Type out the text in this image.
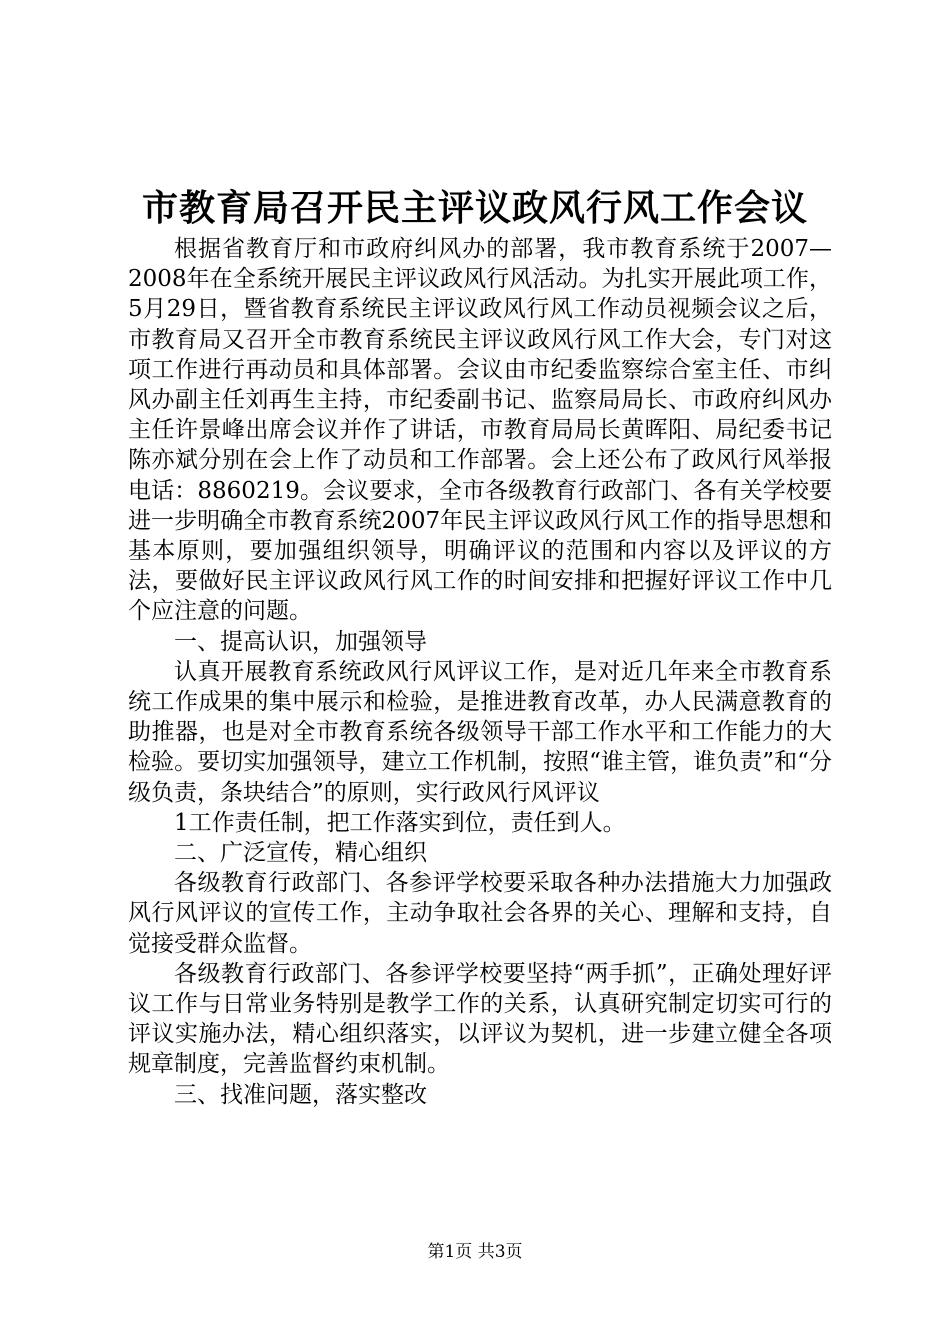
市教育局召开民主评议政风行风工作会议

根据省教育厅和市政府纠风办的部署，我市教育系统于2007—2008年在全系统开展民主评议政风行风活动。为扎实开展此项工作，5月29日，暨省教育系统民主评议政风行风工作动员视频会议之后，市教育局又召开全市教育系统民主评议政风行风工作大会，专门对这项工作进行再动员和具体部署。会议由市纪委监察综合室主任、市纠风办副主任刘再生主持，市纪委副书记、监察局局长、市政府纠风办主任许景峰出席会议并作了讲话，市教育局局长黄晖阳、局纪委书记陈亦斌分别在会上作了动员和工作部署。会上还公布了政风行风举报电话：8860219。会议要求，全市各级教育行政部门、各有关学校要进一步明确全市教育系统2007年民主评议政风行风工作的指导思想和基本原则，要加强组织领导，明确评议的范围和内容以及评议的方法，要做好民主评议政风行风工作的时间安排和把握好评议工作中几个应注意的问题。

一、提高认识，加强领导

认真开展教育系统政风行风评议工作，是对近几年来全市教育系统工作成果的集中展示和检验，是推进教育改革，办人民满意教育的助推器，也是对全市教育系统各级领导干部工作水平和工作能力的大检验。要切实加强领导，建立工作机制，按照“谁主管，谁负责”和“分级负责，条块结合”的原则，实行政风行风评议

1工作责任制，把工作落实到位，责任到人。

二、广泛宣传，精心组织

各级教育行政部门、各参评学校要采取各种办法措施大力加强政风行风评议的宣传工作，主动争取社会各界的关心、理解和支持，自觉接受群众监督。

各级教育行政部门、各参评学校要坚持“两手抓”，正确处理好评议工作与日常业务特别是教学工作的关系，认真研究制定切实可行的评议实施办法，精心组织落实，以评议为契机，进一步建立健全各项规章制度，完善监督约束机制。

三、找准问题，落实整改

第1页 共3页
